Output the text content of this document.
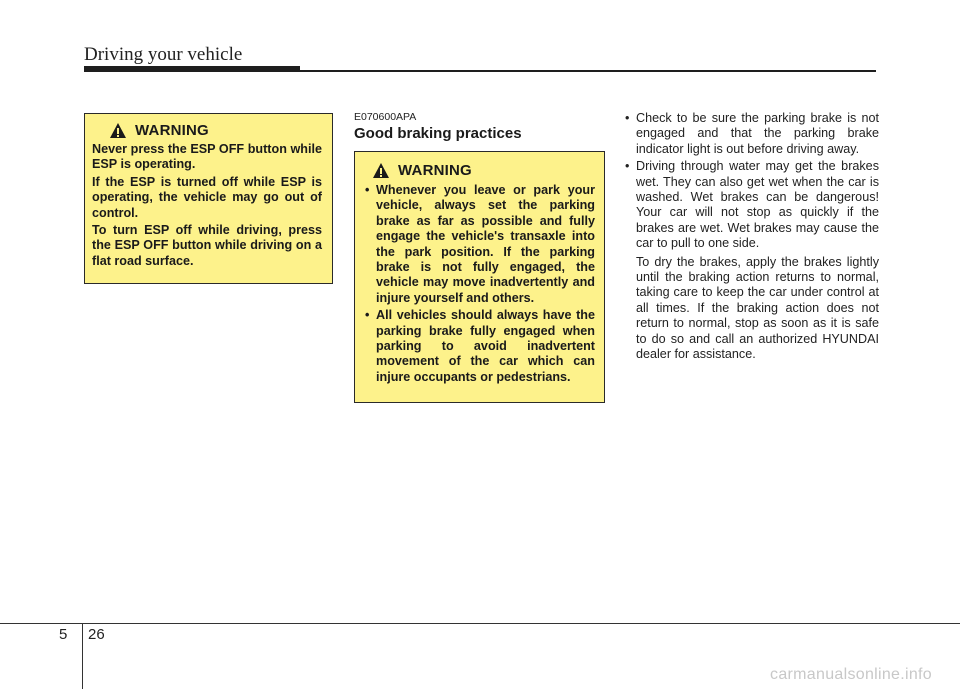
Driving your vehicle
WARNING

Never press the ESP OFF button while ESP is operating.

If the ESP is turned off while ESP is operating, the vehicle may go out of control.

To turn ESP off while driving, press the ESP OFF button while driving on a flat road surface.

E070600APA
Good braking practices
WARNING
• Whenever you leave or park your vehicle, always set the parking brake as far as possible and fully engage the vehicle's transaxle into the park position. If the parking brake is not fully engaged, the vehicle may move inadvertently and injure yourself and others.
• All vehicles should always have the parking brake fully engaged when parking to avoid inadvertent movement of the car which can injure occupants or pedestrians.
• Check to be sure the parking brake is not engaged and that the parking brake indicator light is out before driving away.
• Driving through water may get the brakes wet. They can also get wet when the car is washed. Wet brakes can be dangerous! Your car will not stop as quickly if the brakes are wet. Wet brakes may cause the car to pull to one side.

To dry the brakes, apply the brakes lightly until the braking action returns to normal, taking care to keep the car under control at all times. If the braking action does not return to normal, stop as soon as it is safe to do so and call an authorized HYUNDAI dealer for assistance.

5 26
carmanualsonline.info
